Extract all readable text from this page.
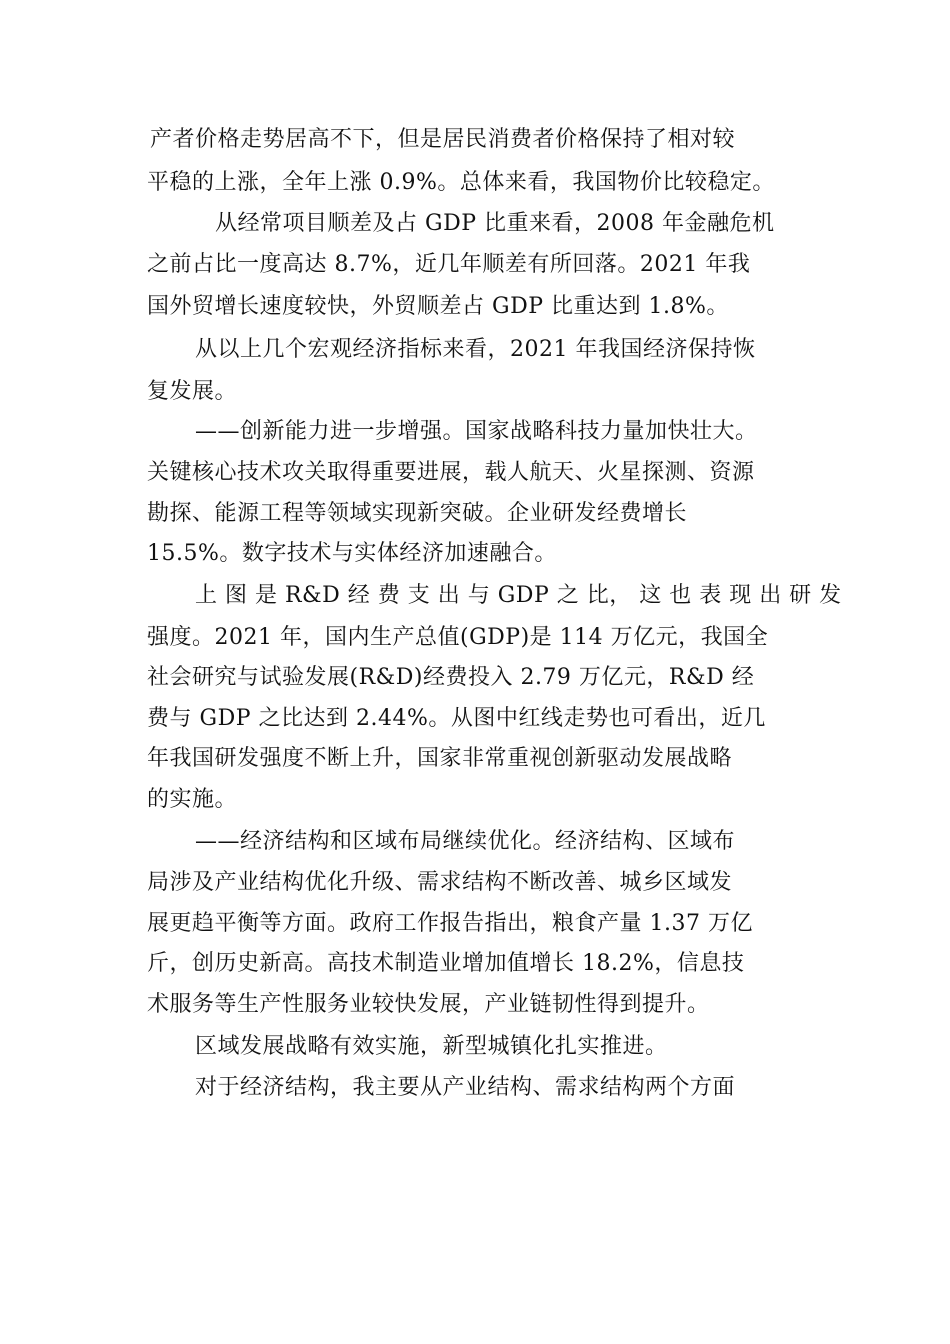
产者价格走势居高不下，但是居民消费者价格保持了相对较
平稳的上涨，全年上涨 0.9%。总体来看，我国物价比较稳定。
从经常项目顺差及占 GDP 比重来看，2008 年金融危机
之前占比一度高达 8.7%，近几年顺差有所回落。2021 年我
国外贸增长速度较快，外贸顺差占 GDP 比重达到 1.8%。
从以上几个宏观经济指标来看，2021 年我国经济保持恢
复发展。
——创新能力进一步增强。国家战略科技力量加快壮大。
关键核心技术攻关取得重要进展，载人航天、火星探测、资源
勘探、能源工程等领域实现新突破。企业研发经费增长
15.5%。数字技术与实体经济加速融合。
上 图 是 R&D 经 费 支 出 与 GDP 之 比， 这 也 表 现 出 研 发
强度。2021 年，国内生产总值(GDP)是 114 万亿元，我国全
社会研究与试验发展(R&D)经费投入 2.79 万亿元，R&D 经
费与 GDP 之比达到 2.44%。从图中红线走势也可看出，近几
年我国研发强度不断上升，国家非常重视创新驱动发展战略
的实施。
——经济结构和区域布局继续优化。经济结构、区域布
局涉及产业结构优化升级、需求结构不断改善、城乡区域发
展更趋平衡等方面。政府工作报告指出，粮食产量 1.37 万亿
斤，创历史新高。高技术制造业增加值增长 18.2%，信息技
术服务等生产性服务业较快发展，产业链韧性得到提升。
区域发展战略有效实施，新型城镇化扎实推进。
对于经济结构，我主要从产业结构、需求结构两个方面
